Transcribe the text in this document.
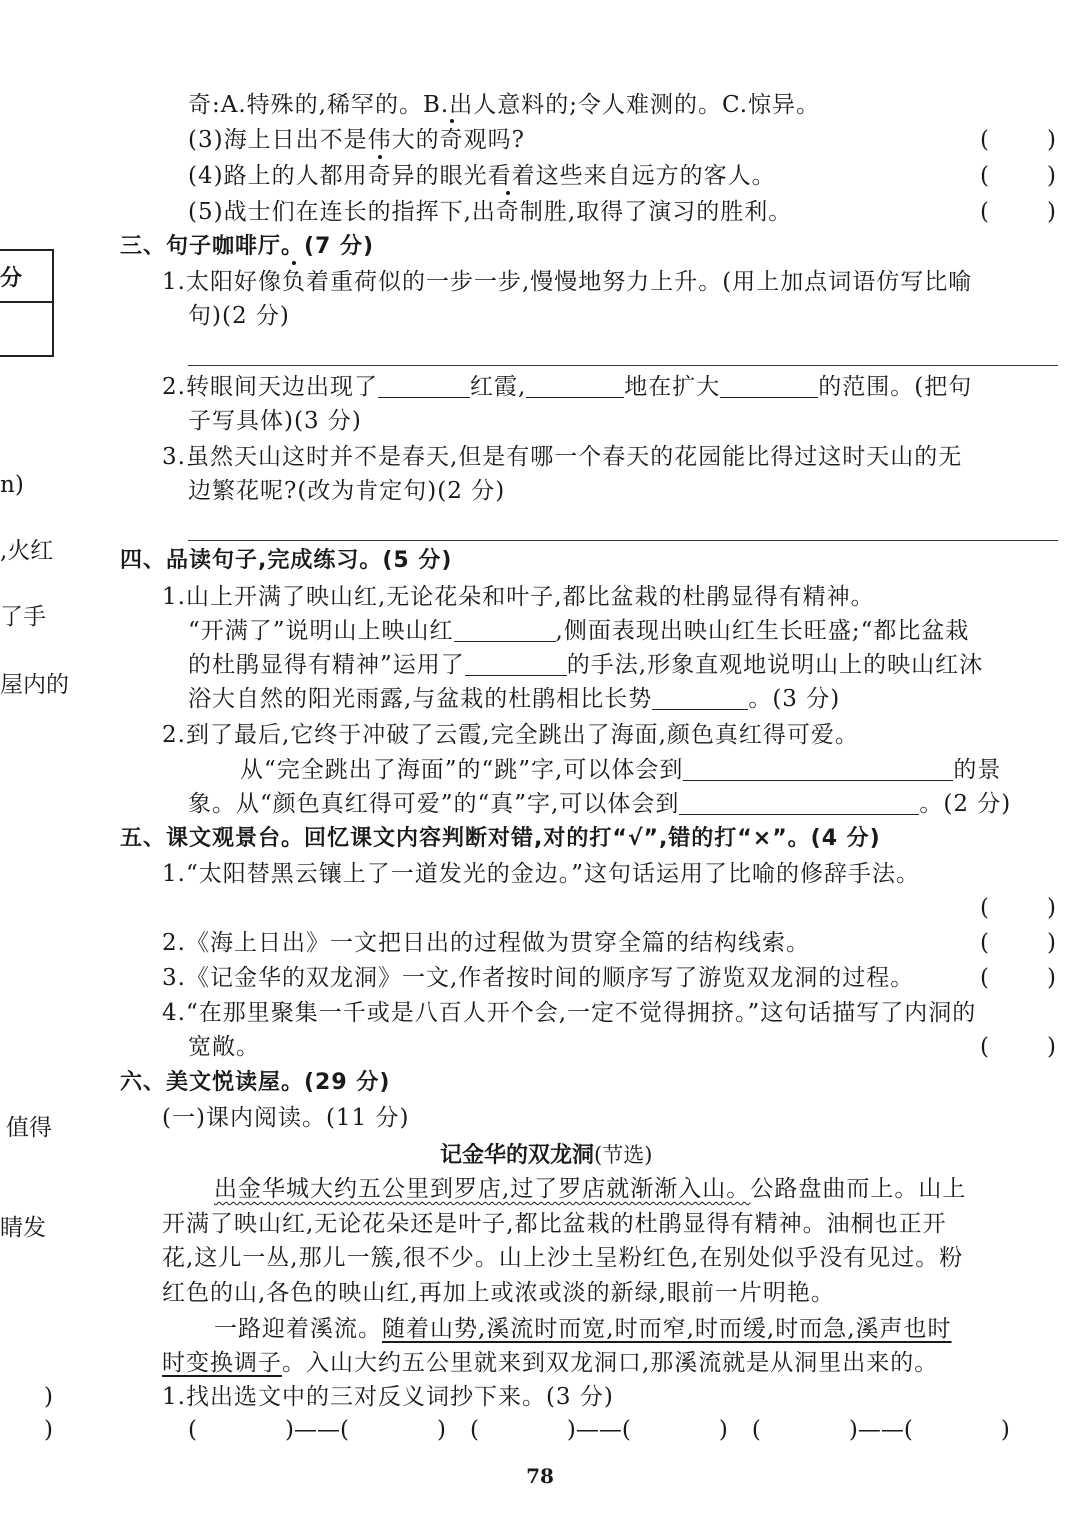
分
n)
,火红
了手
屋内的
值得
睛发
)
)
奇:A.特殊的,稀罕的。B.出人意料的;令人难测的。C.惊异。
(3)海上日出不是伟大的奇观吗?	(	)
(4)路上的人都用奇异的眼光看着这些来自远方的客人。	(	)
(5)战士们在连长的指挥下,出奇制胜,取得了演习的胜利。	(	)
三、句子咖啡厅。(7 分)
1.太阳好像负着重荷似的一步一步,慢慢地努力上升。(用上加点词语仿写比喻
句)(2 分)
2.转眼间天边出现了	红霞,	地在扩大	的范围。(把句
子写具体)(3 分)
3.虽然天山这时并不是春天,但是有哪一个春天的花园能比得过这时天山的无
边繁花呢?(改为肯定句)(2 分)
四、品读句子,完成练习。(5 分)
1.山上开满了映山红,无论花朵和叶子,都比盆栽的杜鹃显得有精神。
“开满了”说明山上映山红	,侧面表现出映山红生长旺盛;“都比盆栽
的杜鹃显得有精神”运用了	的手法,形象直观地说明山上的映山红沐
浴大自然的阳光雨露,与盆栽的杜鹃相比长势	。(3 分)
2.到了最后,它终于冲破了云霞,完全跳出了海面,颜色真红得可爱。
从“完全跳出了海面”的“跳”字,可以体会到	的景
象。从“颜色真红得可爱”的“真”字,可以体会到	。(2 分)
五、课文观景台。回忆课文内容判断对错,对的打“√”,错的打“×”。(4 分)
1.“太阳替黑云镶上了一道发光的金边。”这句话运用了比喻的修辞手法。
(	)
2.《海上日出》一文把日出的过程做为贯穿全篇的结构线索。	(	)
3.《记金华的双龙洞》一文,作者按时间的顺序写了游览双龙洞的过程。	(	)
4.“在那里聚集一千或是八百人开个会,一定不觉得拥挤。”这句话描写了内洞的
宽敞。	(	)
六、美文悦读屋。(29 分)
(一)课内阅读。(11 分)
记金华的双龙洞(节选)
出金华城大约五公里到罗店,过了罗店就渐渐入山。公路盘曲而上。山上
开满了映山红,无论花朵还是叶子,都比盆栽的杜鹃显得有精神。油桐也正开
花,这儿一丛,那儿一簇,很不少。山上沙土呈粉红色,在别处似乎没有见过。粉
红色的山,各色的映山红,再加上或浓或淡的新绿,眼前一片明艳。
一路迎着溪流。随着山势,溪流时而宽,时而窄,时而缓,时而急,溪声也时
时变换调子。入山大约五公里就来到双龙洞口,那溪流就是从洞里出来的。
1.找出选文中的三对反义词抄下来。(3 分)
(	)——(	) (	)——(	) (	)——(	)
78
